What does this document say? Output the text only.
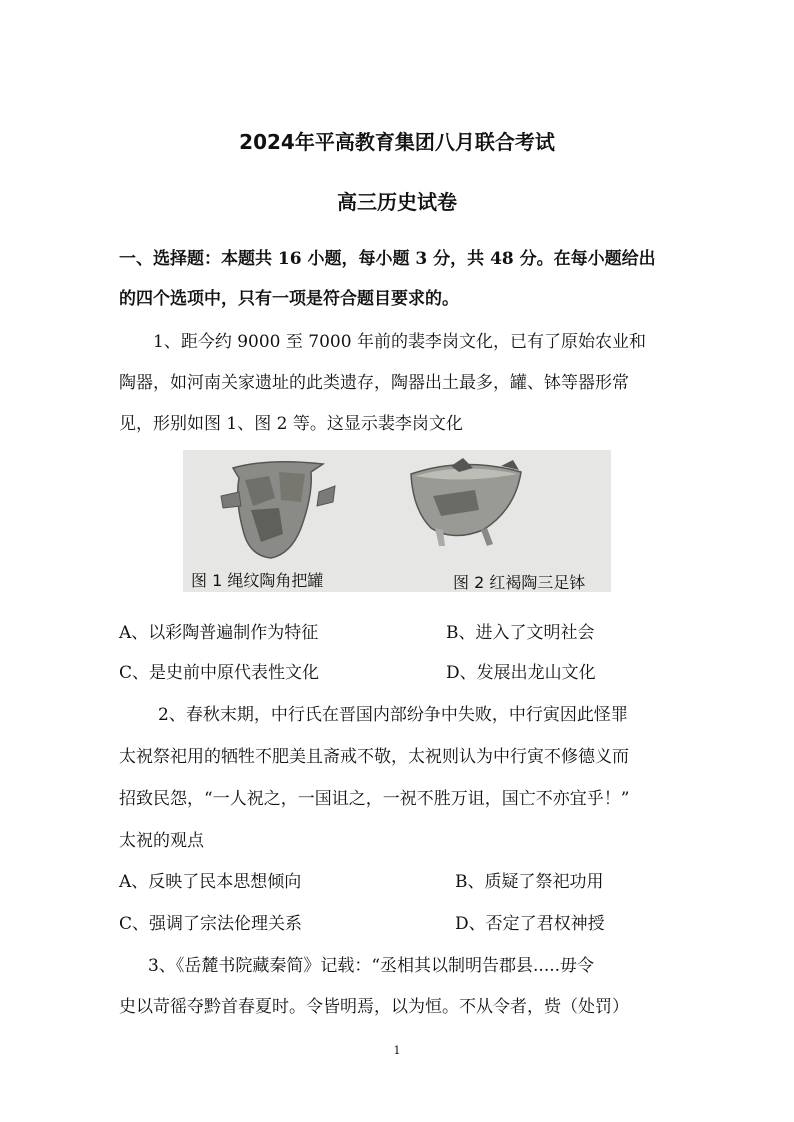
2024年平高教育集团八月联合考试
高三历史试卷
一、选择题：本题共 16 小题，每小题 3 分，共 48 分。在每小题给出
的四个选项中，只有一项是符合题目要求的。
1、距今约 9000 至 7000 年前的裴李岗文化，已有了原始农业和
陶器，如河南关家遗址的此类遗存，陶器出土最多，罐、钵等器形常
见，形别如图 1、图 2 等。这显示裴李岗文化
图 1 绳纹陶角把罐	图 2 红褐陶三足钵
A、以彩陶普遍制作为特征	B、进入了文明社会
C、是史前中原代表性文化	D、发展出龙山文化
2、春秋末期，中行氏在晋国内部纷争中失败，中行寅因此怪罪
太祝祭祀用的牺牲不肥美且斋戒不敬，太祝则认为中行寅不修德义而
招致民怨，“一人祝之，一国诅之，一祝不胜万诅，国亡不亦宜乎！”
太祝的观点
A、反映了民本思想倾向	B、质疑了祭祀功用
C、强调了宗法伦理关系	D、否定了君权神授
3、《岳麓书院藏秦简》记载：“丞相其以制明告郡县.....毋令
史以苛徭夺黔首春夏时。令皆明焉，以为恒。不从令者，赀（处罚）
1
